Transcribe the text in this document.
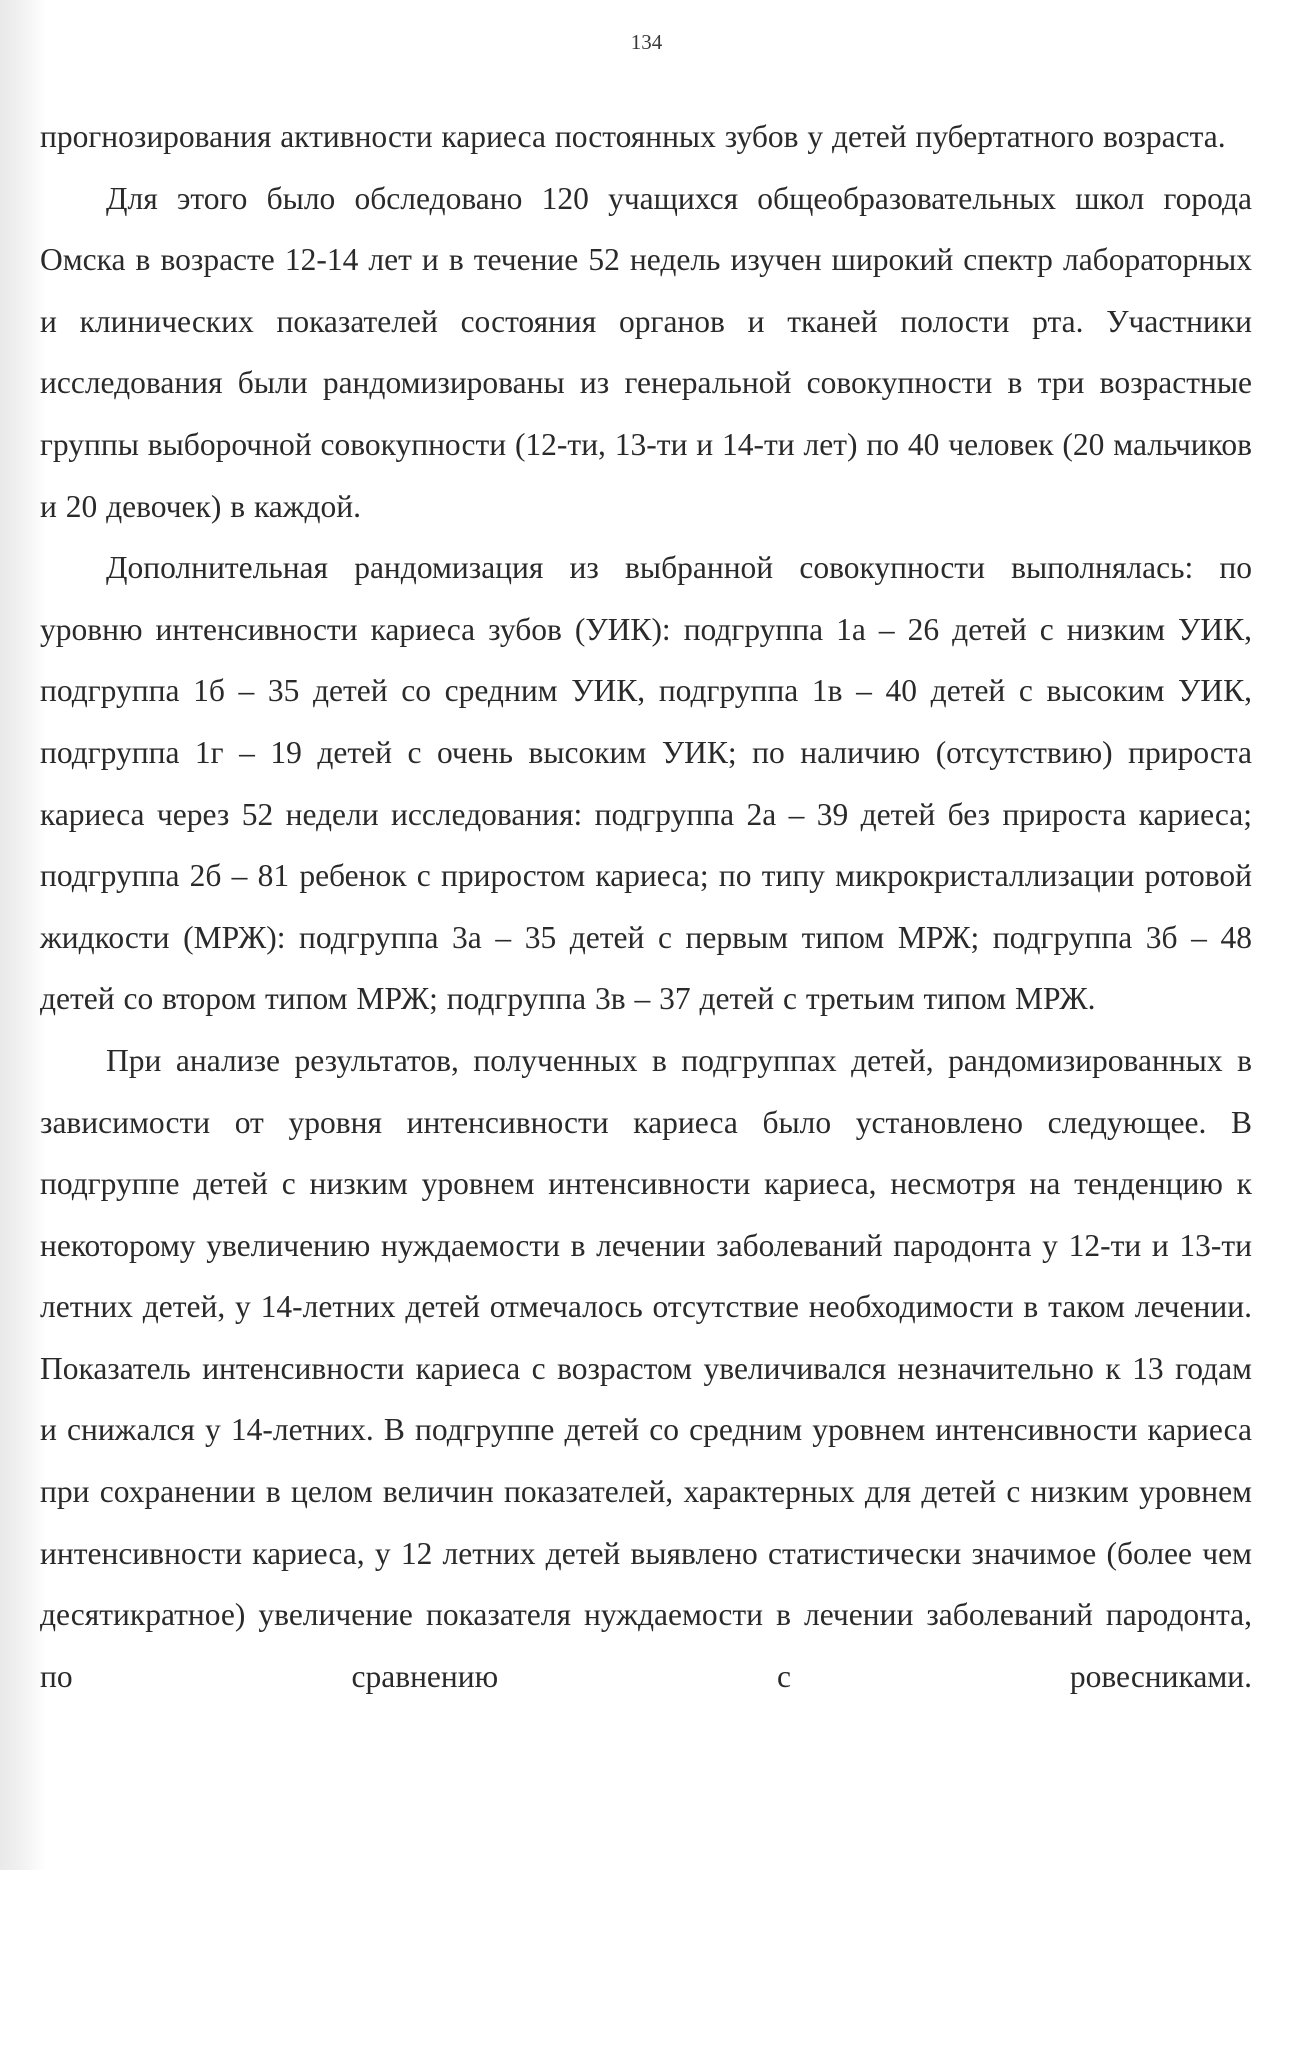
134

прогнозирования активности кариеса постоянных зубов у детей пубертатного возраста.

Для этого было обследовано 120 учащихся общеобразовательных школ города Омска в возрасте 12-14 лет и в течение 52 недель изучен широкий спектр лабораторных и клинических показателей состояния органов и тканей полости рта. Участники исследования были рандомизированы из генеральной совокупности в три возрастные группы выборочной совокупности (12-ти, 13-ти и 14-ти лет) по 40 человек (20 мальчиков и 20 девочек) в каждой.

Дополнительная рандомизация из выбранной совокупности выполнялась: по уровню интенсивности кариеса зубов (УИК): подгруппа 1а – 26 детей с низким УИК, подгруппа 1б – 35 детей со средним УИК, подгруппа 1в – 40 детей с высоким УИК, подгруппа 1г – 19 детей с очень высоким УИК; по наличию (отсутствию) прироста кариеса через 52 недели исследования: подгруппа 2а – 39 детей без прироста кариеса; подгруппа 2б – 81 ребенок с приростом кариеса; по типу микрокристаллизации ротовой жидкости (МРЖ): подгруппа 3а – 35 детей с первым типом МРЖ; подгруппа 3б – 48 детей со втором типом МРЖ; подгруппа 3в – 37 детей с третьим типом МРЖ.

При анализе результатов, полученных в подгруппах детей, рандомизированных в зависимости от уровня интенсивности кариеса было установлено следующее. В подгруппе детей с низким уровнем интенсивности кариеса, несмотря на тенденцию к некоторому увеличению нуждаемости в лечении заболеваний пародонта у 12-ти и 13-ти летних детей, у 14-летних детей отмечалось отсутствие необходимости в таком лечении. Показатель интенсивности кариеса с возрастом увеличивался незначительно к 13 годам и снижался у 14-летних. В подгруппе детей со средним уровнем интенсивности кариеса при сохранении в целом величин показателей, характерных для детей с низким уровнем интенсивности кариеса, у 12 летних детей выявлено статистически значимое (более чем десятикратное) увеличение показателя нуждаемости в лечении заболеваний пародонта, по сравнению с ровесниками.
